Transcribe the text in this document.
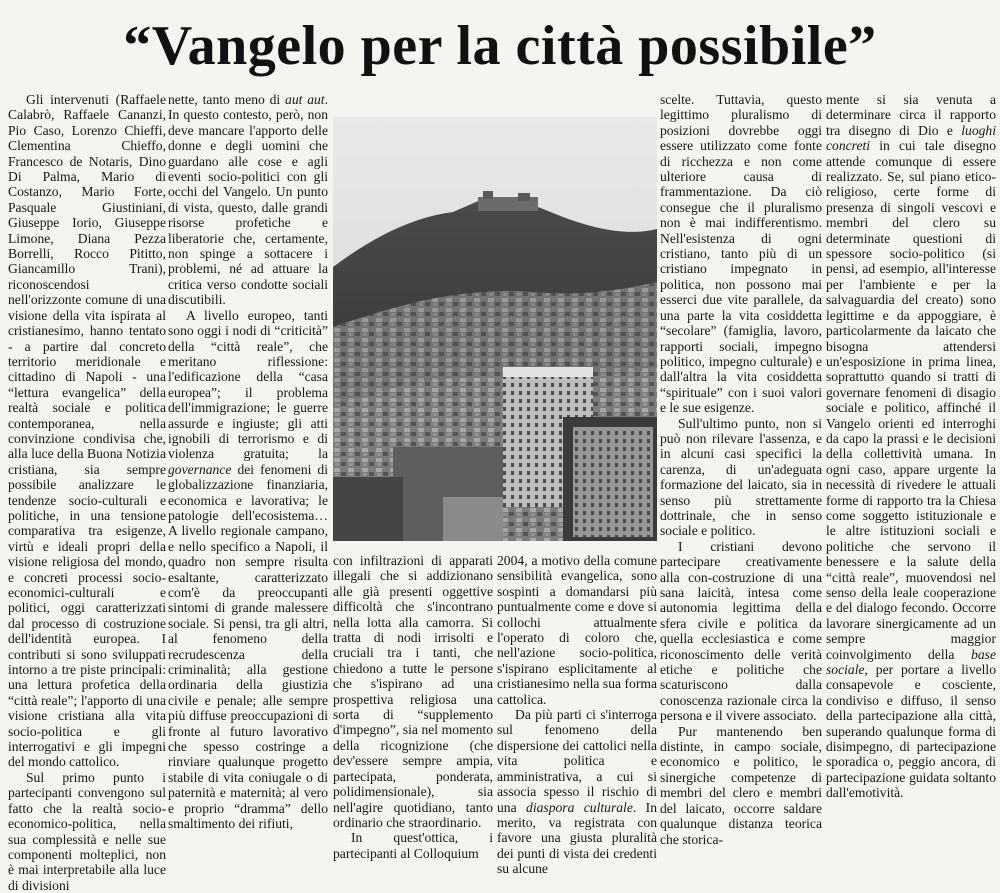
“Vangelo per la città possibile”

Gli intervenuti (Raffaele Calabrò, Raffaele Cananzi, Pio Caso, Lorenzo Chieffi, Clementina Chieffo, Francesco de Notaris, Dino Di Palma, Mario di Costanzo, Mario Forte, Pasquale Giustiniani, Giuseppe Iorio, Giuseppe Limone, Diana Pezza Borrelli, Rocco Pititto, Giancamillo Trani), riconoscendosi nell'orizzonte comune di una visione della vita ispirata al cristianesimo, hanno tentato - a partire dal concreto territorio meridionale e cittadino di Napoli - una “lettura evangelica” della realtà sociale e politica contemporanea, nella convinzione condivisa che, alla luce della Buona Notizia cristiana, sia sempre possibile analizzare le tendenze socio-culturali e politiche, in una tensione comparativa tra esigenze, virtù e ideali propri della visione religiosa del mondo, e concreti processi socio-economici-culturali e politici, oggi caratterizzati dal processo di costruzione dell'identità europea. I contributi si sono sviluppati intorno a tre piste principali: una lettura profetica della “città reale”; l'apporto di una visione cristiana alla vita socio-politica e gli interrogativi e gli impegni del mondo cattolico.

Sul primo punto i partecipanti convengono sul fatto che la realtà socio-economico-politica, nella sua complessità e nelle sue componenti molteplici, non è mai interpretabile alla luce di divisioni

nette, tanto meno di aut aut. In questo contesto, però, non deve mancare l'apporto delle donne e degli uomini che guardano alle cose e agli eventi socio-politici con gli occhi del Vangelo. Un punto di vista, questo, dalle grandi risorse profetiche e liberatorie che, certamente, non spinge a sottacere i problemi, né ad attuare la critica verso condotte sociali discutibili.

A livello europeo, tanti sono oggi i nodi di “criticità” della “città reale”, che meritano riflessione: l'edificazione della “casa europea”; il problema dell'immigrazione; le guerre assurde e ingiuste; gli atti ignobili di terrorismo e di violenza gratuita; la governance dei fenomeni di globalizzazione finanziaria, economica e lavorativa; le patologie dell'ecosistema… A livello regionale campano, e nello specifico a Napoli, il quadro non sempre risulta esaltante, caratterizzato com'è da preoccupanti sintomi di grande malessere sociale. Si pensi, tra gli altri, al fenomeno della recrudescenza della criminalità; alla gestione ordinaria della giustizia civile e penale; alle sempre più diffuse preoccupazioni di fronte al futuro lavorativo che spesso costringe a rinviare qualunque progetto stabile di vita coniugale o di paternità e maternità; al vero e proprio “dramma” dello smaltimento dei rifiuti,

con infiltrazioni di apparati illegali che si addizionano alle già presenti oggettive difficoltà che s'incontrano nella lotta alla camorra. Si tratta di nodi irrisolti e cruciali tra i tanti, che chiedono a tutte le persone che s'ispirano ad una prospettiva religiosa una sorta di “supplemento d'impegno”, sia nel momento della ricognizione (che dev'essere sempre ampia, partecipata, ponderata, polidimensionale), sia nell'agire quotidiano, tanto ordinario che straordinario.

In quest'ottica, i partecipanti al Colloquium

2004, a motivo della comune sensibilità evangelica, sono sospinti a domandarsi più puntualmente come e dove si collochi attualmente l'operato di coloro che, nell'azione socio-politica, s'ispirano esplicitamente al cristianesimo nella sua forma cattolica.

Da più parti ci s'interroga sul fenomeno della dispersione dei cattolici nella vita politica e amministrativa, a cui si associa spesso il rischio di una diaspora culturale. In merito, va registrata con favore una giusta pluralità dei punti di vista dei credenti su alcune

scelte. Tuttavia, questo legittimo pluralismo di posizioni dovrebbe oggi essere utilizzato come fonte di ricchezza e non come ulteriore causa di frammentazione. Da ciò consegue che il pluralismo non è mai indifferentismo. Nell'esistenza di ogni cristiano, tanto più di un cristiano impegnato in politica, non possono mai esserci due vite parallele, da una parte la vita cosiddetta “secolare” (famiglia, lavoro, rapporti sociali, impegno politico, impegno culturale) e dall'altra la vita cosiddetta “spirituale” con i suoi valori e le sue esigenze.

Sull'ultimo punto, non si può non rilevare l'assenza, e in alcuni casi specifici la carenza, di un'adeguata formazione del laicato, sia in senso più strettamente dottrinale, che in senso sociale e politico.

I cristiani devono partecipare creativamente alla con-costruzione di una sana laicità, intesa come autonomia legittima della sfera civile e politica da quella ecclesiastica e come riconoscimento delle verità etiche e politiche che scaturiscono dalla conoscenza razionale circa la persona e il vivere associato.

Pur mantenendo ben distinte, in campo sociale, economico e politico, le sinergiche competenze di membri del clero e membri del laicato, occorre saldare qualunque distanza teorica che storica-

mente si sia venuta a determinare circa il rapporto tra disegno di Dio e luoghi concreti in cui tale disegno attende comunque di essere realizzato. Se, sul piano etico-religioso, certe forme di presenza di singoli vescovi e membri del clero su determinate questioni di spessore socio-politico (si pensi, ad esempio, all'interesse per l'ambiente e per la salvaguardia del creato) sono legittime e da appoggiare, è particolarmente da laicato che bisogna attendersi un'esposizione in prima linea, soprattutto quando si tratti di governare fenomeni di disagio sociale e politico, affinché il Vangelo orienti ed interroghi da capo la prassi e le decisioni della collettività umana. In ogni caso, appare urgente la necessità di rivedere le attuali forme di rapporto tra la Chiesa come soggetto istituzionale e le altre istituzioni sociali e politiche che servono il benessere e la salute della “città reale”, muovendosi nel senso della leale cooperazione e del dialogo fecondo. Occorre lavorare sinergicamente ad un sempre maggior coinvolgimento della base sociale, per portare a livello consapevole e cosciente, condiviso e diffuso, il senso della partecipazione alla città, superando qualunque forma di disimpegno, di partecipazione sporadica o, peggio ancora, di partecipazione guidata soltanto dall'emotività.
